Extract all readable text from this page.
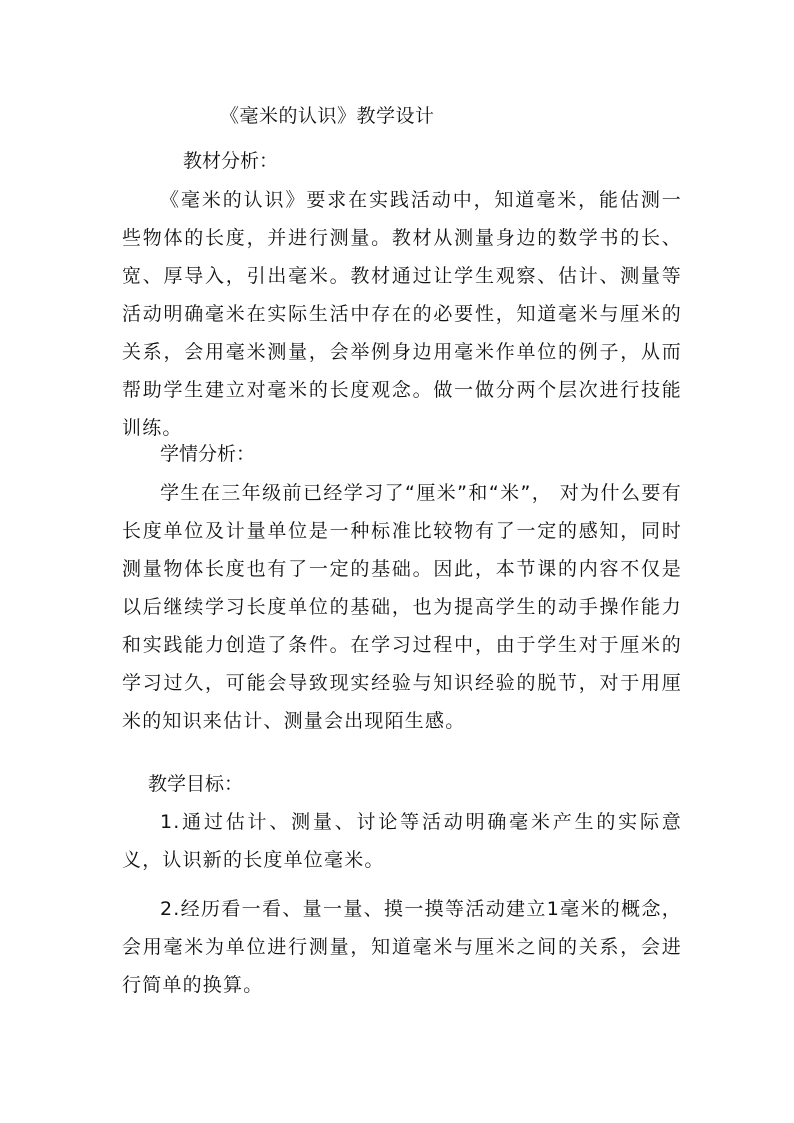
《毫米的认识》教学设计
教材分析：
《毫米的认识》要求在实践活动中，知道毫米，能估测一些物体的长度，并进行测量。教材从测量身边的数学书的长、宽、厚导入，引出毫米。教材通过让学生观察、估计、测量等活动明确毫米在实际生活中存在的必要性，知道毫米与厘米的关系，会用毫米测量，会举例身边用毫米作单位的例子，从而帮助学生建立对毫米的长度观念。做一做分两个层次进行技能训练。
学情分析：
学生在三年级前已经学习了“厘米”和“米”， 对为什么要有长度单位及计量单位是一种标准比较物有了一定的感知，同时测量物体长度也有了一定的基础。因此，本节课的内容不仅是以后继续学习长度单位的基础，也为提高学生的动手操作能力和实践能力创造了条件。在学习过程中，由于学生对于厘米的学习过久，可能会导致现实经验与知识经验的脱节，对于用厘米的知识来估计、测量会出现陌生感。
教学目标：
1.通过估计、测量、讨论等活动明确毫米产生的实际意义，认识新的长度单位毫米。
2.经历看一看、量一量、摸一摸等活动建立1毫米的概念，会用毫米为单位进行测量，知道毫米与厘米之间的关系，会进行简单的换算。
